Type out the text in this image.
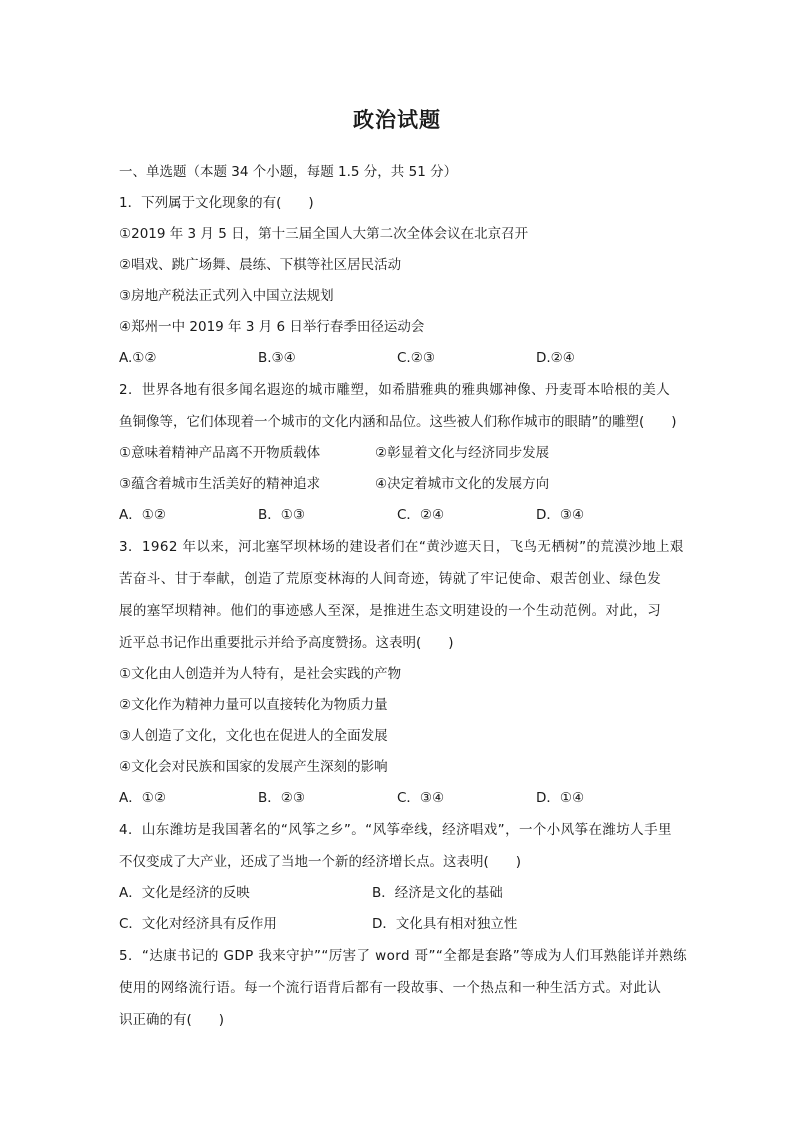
政治试题
一、单选题（本题 34 个小题，每题 1.5 分，共 51 分）
1．下列属于文化现象的有(　　)
①2019 年 3 月 5 日，第十三届全国人大第二次全体会议在北京召开
②唱戏、跳广场舞、晨练、下棋等社区居民活动
③房地产税法正式列入中国立法规划
④郑州一中 2019 年 3 月 6 日举行春季田径运动会
A.①②	B.③④	C.②③	D.②④
2．世界各地有很多闻名遐迩的城市雕塑，如希腊雅典的雅典娜神像、丹麦哥本哈根的美人
鱼铜像等，它们体现着一个城市的文化内涵和品位。这些被人们称作城市的眼睛”的雕塑(　　)
①意味着精神产品离不开物质载体	②彰显着文化与经济同步发展
③蕴含着城市生活美好的精神追求	④决定着城市文化的发展方向
A．①②	B．①③	C．②④	D．③④
3．1962 年以来，河北塞罕坝林场的建设者们在“黄沙遮天日，飞鸟无栖树”的荒漠沙地上艰
苦奋斗、甘于奉献，创造了荒原变林海的人间奇迹，铸就了牢记使命、艰苦创业、绿色发
展的塞罕坝精神。他们的事迹感人至深，是推进生态文明建设的一个生动范例。对此，习
近平总书记作出重要批示并给予高度赞扬。这表明(　　)
①文化由人创造并为人特有，是社会实践的产物
②文化作为精神力量可以直接转化为物质力量
③人创造了文化，文化也在促进人的全面发展
④文化会对民族和国家的发展产生深刻的影响
A．①②	B．②③	C．③④	D．①④
4．山东潍坊是我国著名的“风筝之乡”。“风筝牵线，经济唱戏”，一个小风筝在潍坊人手里
不仅变成了大产业，还成了当地一个新的经济增长点。这表明(　　)
A．文化是经济的反映	B．经济是文化的基础
C．文化对经济具有反作用	D．文化具有相对独立性
5．“达康书记的 GDP 我来守护”“厉害了 word 哥”“全都是套路”等成为人们耳熟能详并熟练
使用的网络流行语。每一个流行语背后都有一段故事、一个热点和一种生活方式。对此认
识正确的有(　　)
